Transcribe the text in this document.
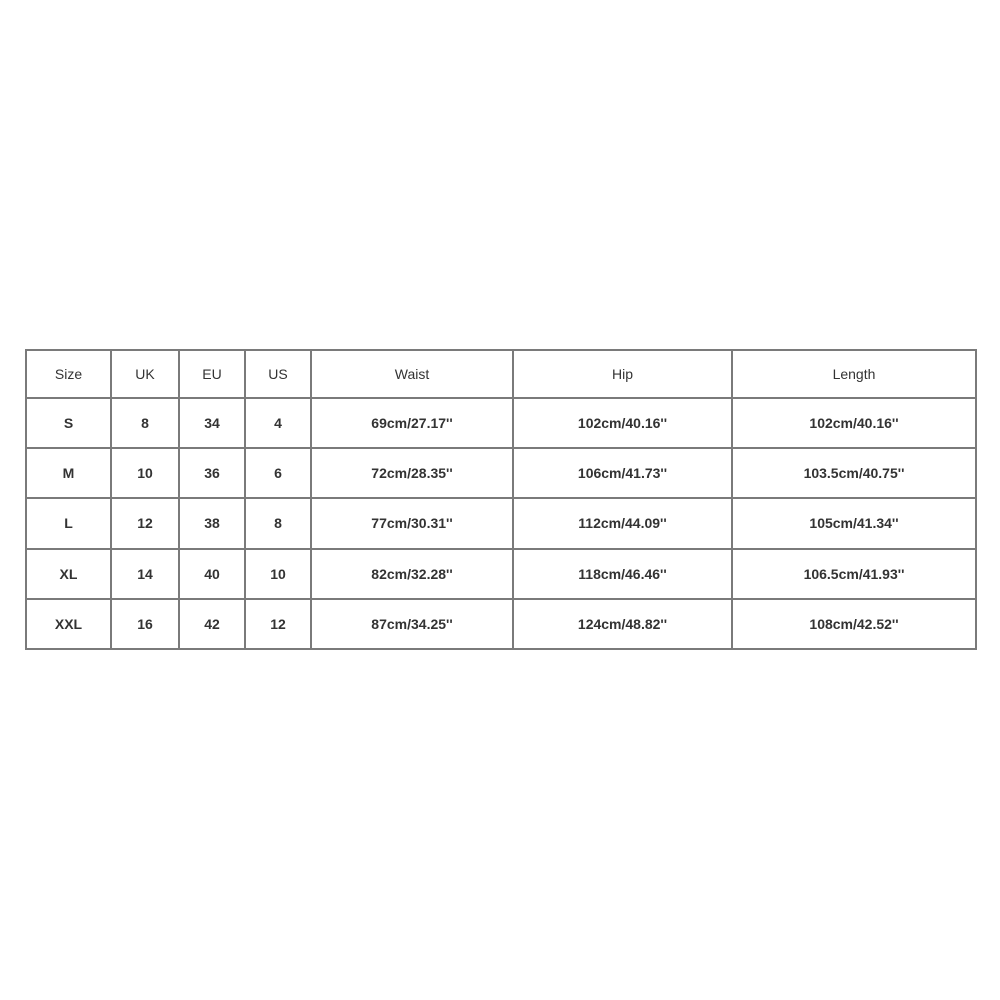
Size	UK	EU	US	Waist	Hip	Length
S	8	34	4	69cm/27.17''	102cm/40.16''	102cm/40.16''
M	10	36	6	72cm/28.35''	106cm/41.73''	103.5cm/40.75''
L	12	38	8	77cm/30.31''	112cm/44.09''	105cm/41.34''
XL	14	40	10	82cm/32.28''	118cm/46.46''	106.5cm/41.93''
XXL	16	42	12	87cm/34.25''	124cm/48.82''	108cm/42.52''
